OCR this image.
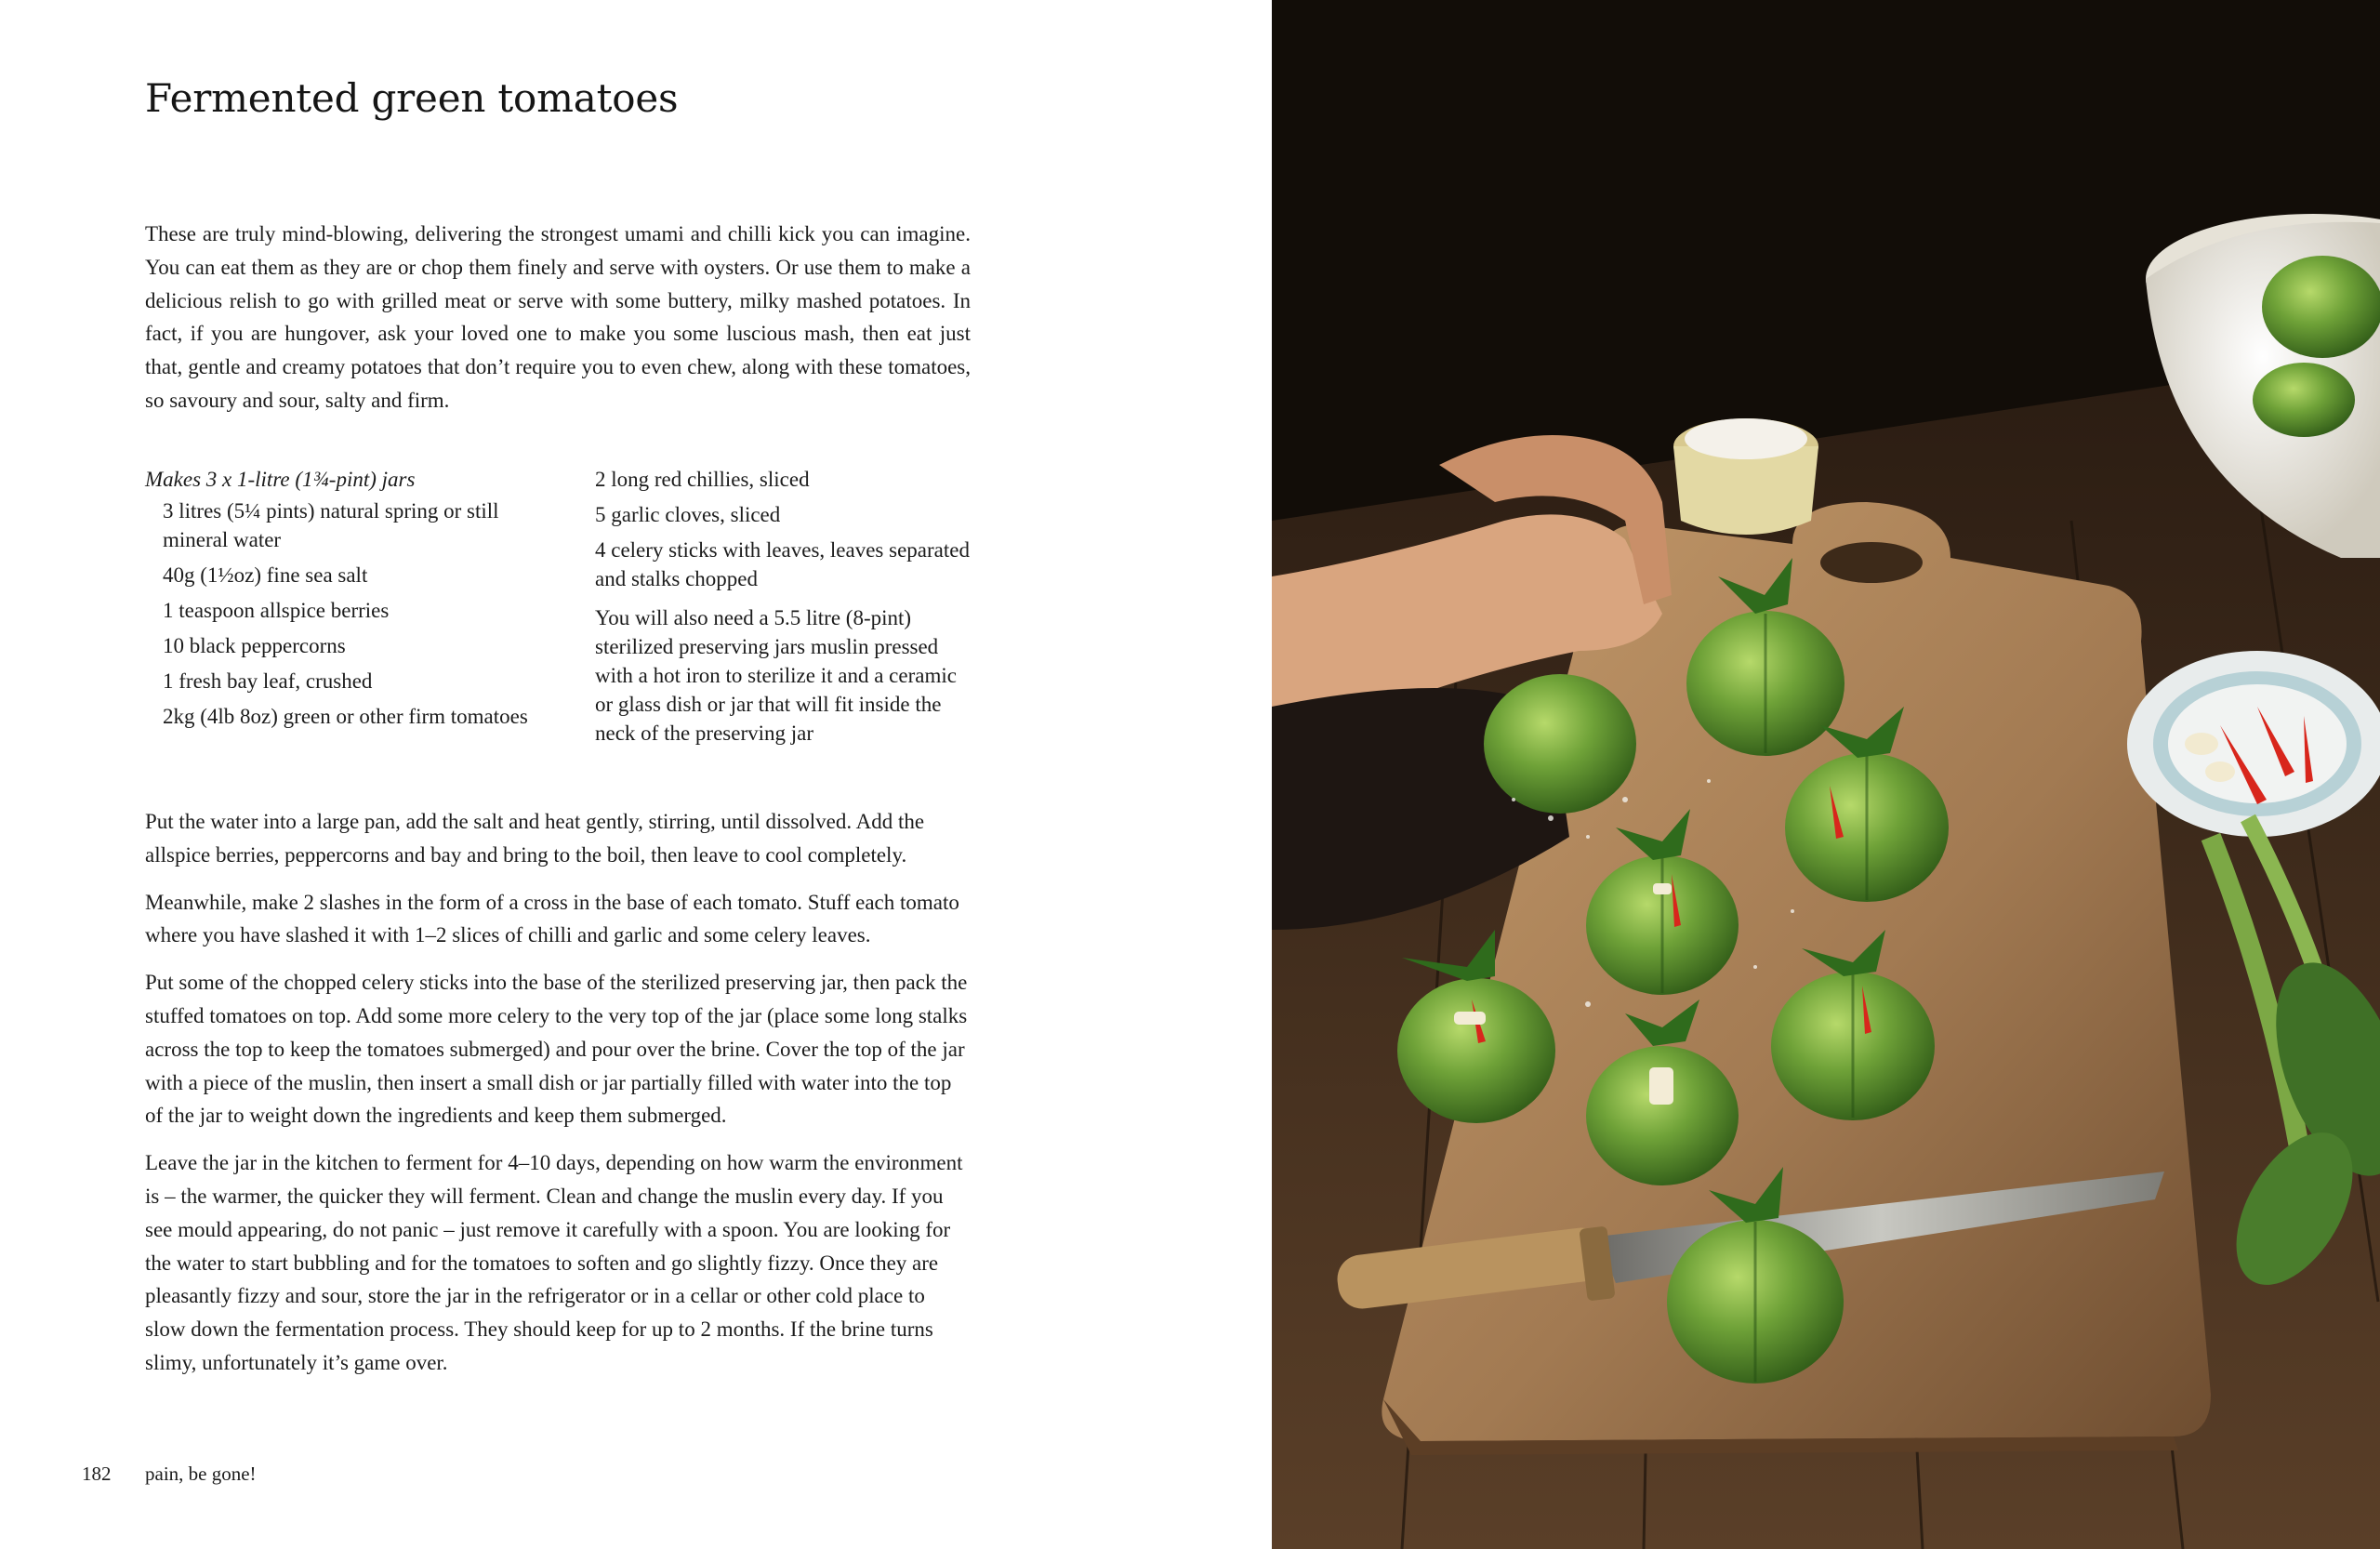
Fermented green tomatoes

These are truly mind-blowing, delivering the strongest umami and chilli kick you can imagine. You can eat them as they are or chop them finely and serve with oysters. Or use them to make a delicious relish to go with grilled meat or serve with some buttery, milky mashed potatoes. In fact, if you are hungover, ask your loved one to make you some luscious mash, then eat just that, gentle and creamy potatoes that don’t require you to even chew, along with these tomatoes, so savoury and sour, salty and firm.

Makes 3 x 1-litre (1¾-pint) jars
3 litres (5¼ pints) natural spring or still mineral water
40g (1½oz) fine sea salt
1 teaspoon allspice berries
10 black peppercorns
1 fresh bay leaf, crushed
2kg (4lb 8oz) green or other firm tomatoes
2 long red chillies, sliced
5 garlic cloves, sliced
4 celery sticks with leaves, leaves separated and stalks chopped

You will also need a 5.5 litre (8-pint) sterilized preserving jars muslin pressed with a hot iron to sterilize it and a ceramic or glass dish or jar that will fit inside the neck of the preserving jar

Put the water into a large pan, add the salt and heat gently, stirring, until dissolved. Add the allspice berries, peppercorns and bay and bring to the boil, then leave to cool completely.

Meanwhile, make 2 slashes in the form of a cross in the base of each tomato. Stuff each tomato where you have slashed it with 1–2 slices of chilli and garlic and some celery leaves.

Put some of the chopped celery sticks into the base of the sterilized preserving jar, then pack the stuffed tomatoes on top. Add some more celery to the very top of the jar (place some long stalks across the top to keep the tomatoes submerged) and pour over the brine. Cover the top of the jar with a piece of the muslin, then insert a small dish or jar partially filled with water into the top of the jar to weight down the ingredients and keep them submerged.

Leave the jar in the kitchen to ferment for 4–10 days, depending on how warm the environment is – the warmer, the quicker they will ferment. Clean and change the muslin every day. If you see mould appearing, do not panic – just remove it carefully with a spoon. You are looking for the water to start bubbling and for the tomatoes to soften and go slightly fizzy. Once they are pleasantly fizzy and sour, store the jar in the refrigerator or in a cellar or other cold place to slow down the fermentation process. They should keep for up to 2 months. If the brine turns slimy, unfortunately it’s game over.

182 pain, be gone!
